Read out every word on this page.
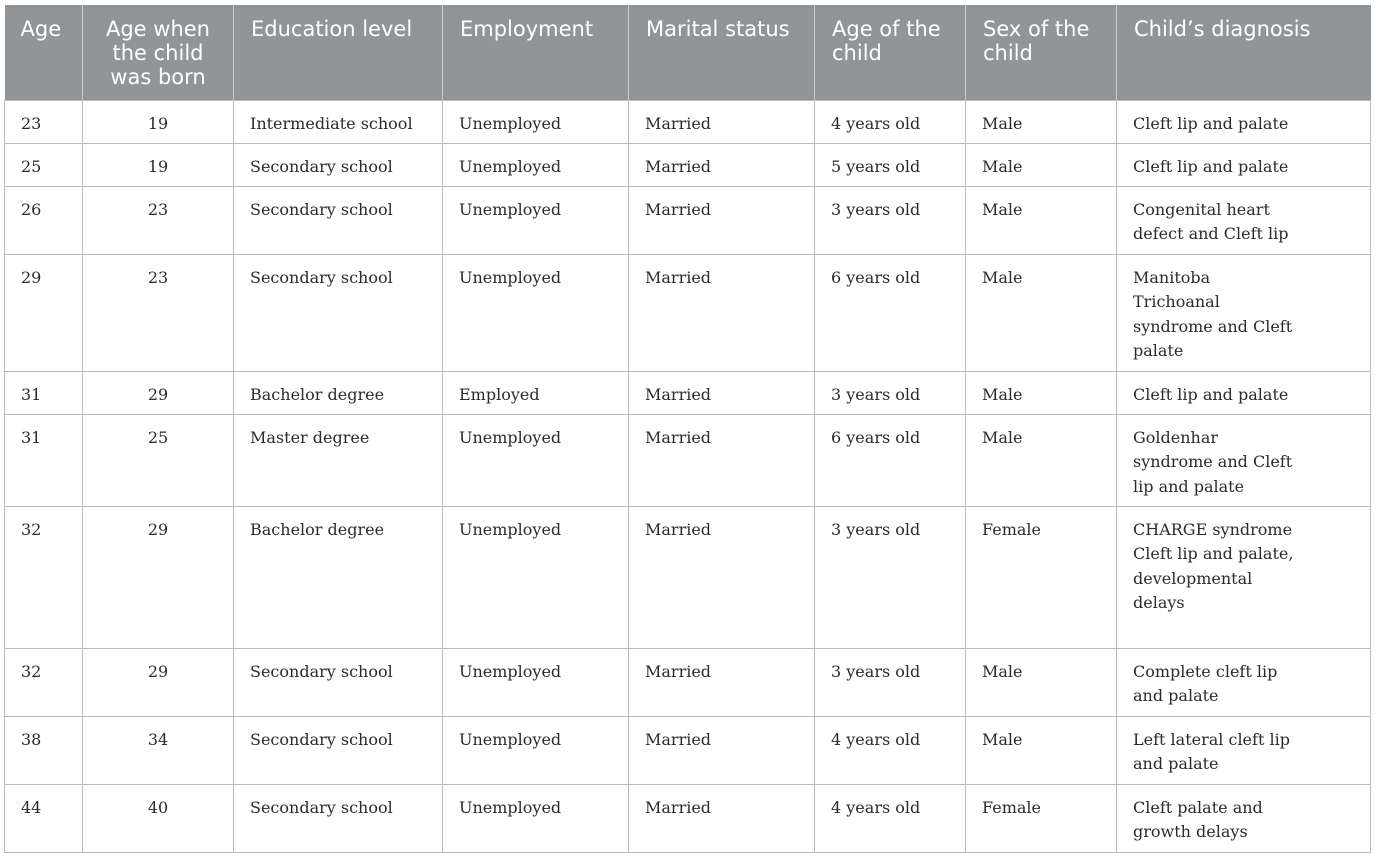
Age	Age when the child was born	Education level	Employment	Marital status	Age of the child	Sex of the child	Child’s diagnosis
23	19	Intermediate school	Unemployed	Married	4 years old	Male	Cleft lip and palate
25	19	Secondary school	Unemployed	Married	5 years old	Male	Cleft lip and palate
26	23	Secondary school	Unemployed	Married	3 years old	Male	Congenital heart defect and Cleft lip
29	23	Secondary school	Unemployed	Married	6 years old	Male	Manitoba Trichoanal syndrome and Cleft palate
31	29	Bachelor degree	Employed	Married	3 years old	Male	Cleft lip and palate
31	25	Master degree	Unemployed	Married	6 years old	Male	Goldenhar syndrome and Cleft lip and palate
32	29	Bachelor degree	Unemployed	Married	3 years old	Female	CHARGE syndrome Cleft lip and palate, developmental delays
32	29	Secondary school	Unemployed	Married	3 years old	Male	Complete cleft lip and palate
38	34	Secondary school	Unemployed	Married	4 years old	Male	Left lateral cleft lip and palate
44	40	Secondary school	Unemployed	Married	4 years old	Female	Cleft palate and growth delays
